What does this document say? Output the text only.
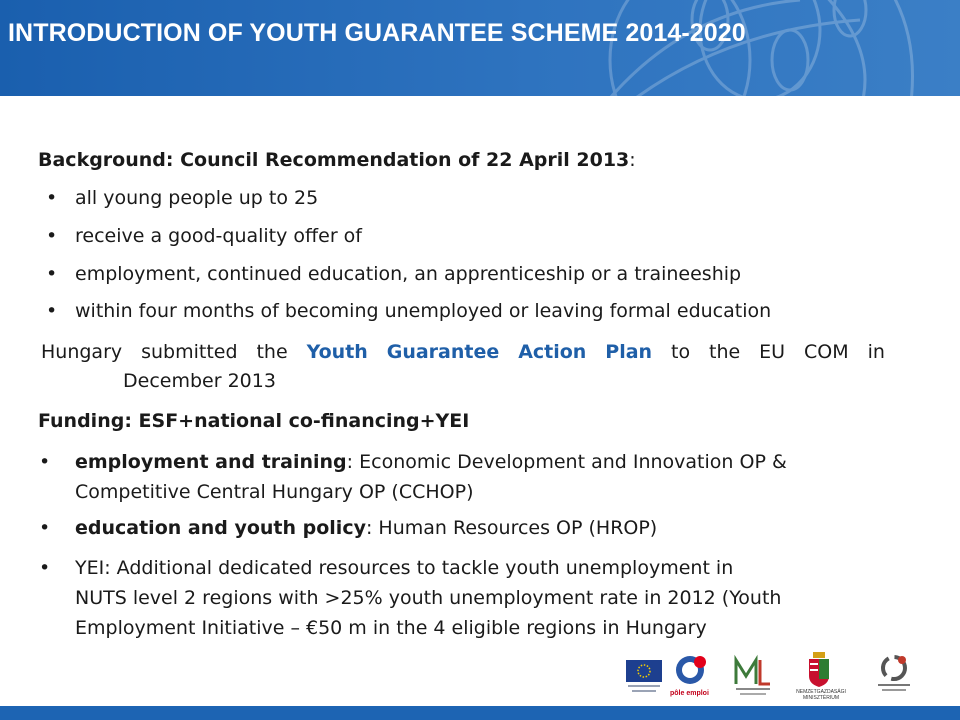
INTRODUCTION OF YOUTH GUARANTEE SCHEME 2014-2020
Background: Council Recommendation of 22 April 2013:
• all young people up to 25
• receive a good-quality offer of
• employment, continued education, an apprenticeship or a traineeship
• within four months of becoming unemployed or leaving formal education
Hungary submitted the Youth Guarantee Action Plan to the EU COM in
December 2013
Funding: ESF+national co-financing+YEI
• employment and training: Economic Development and Innovation OP &
Competitive Central Hungary OP (CCHOP)
• education and youth policy: Human Resources OP (HROP)
• YEI: Additional dedicated resources to tackle youth unemployment in
NUTS level 2 regions with >25% youth unemployment rate in 2012 (Youth
Employment Initiative – €50 m in the 4 eligible regions in Hungary
pôle emploi	NEMZETGAZDASÁGI MINISZTÉRIUM
